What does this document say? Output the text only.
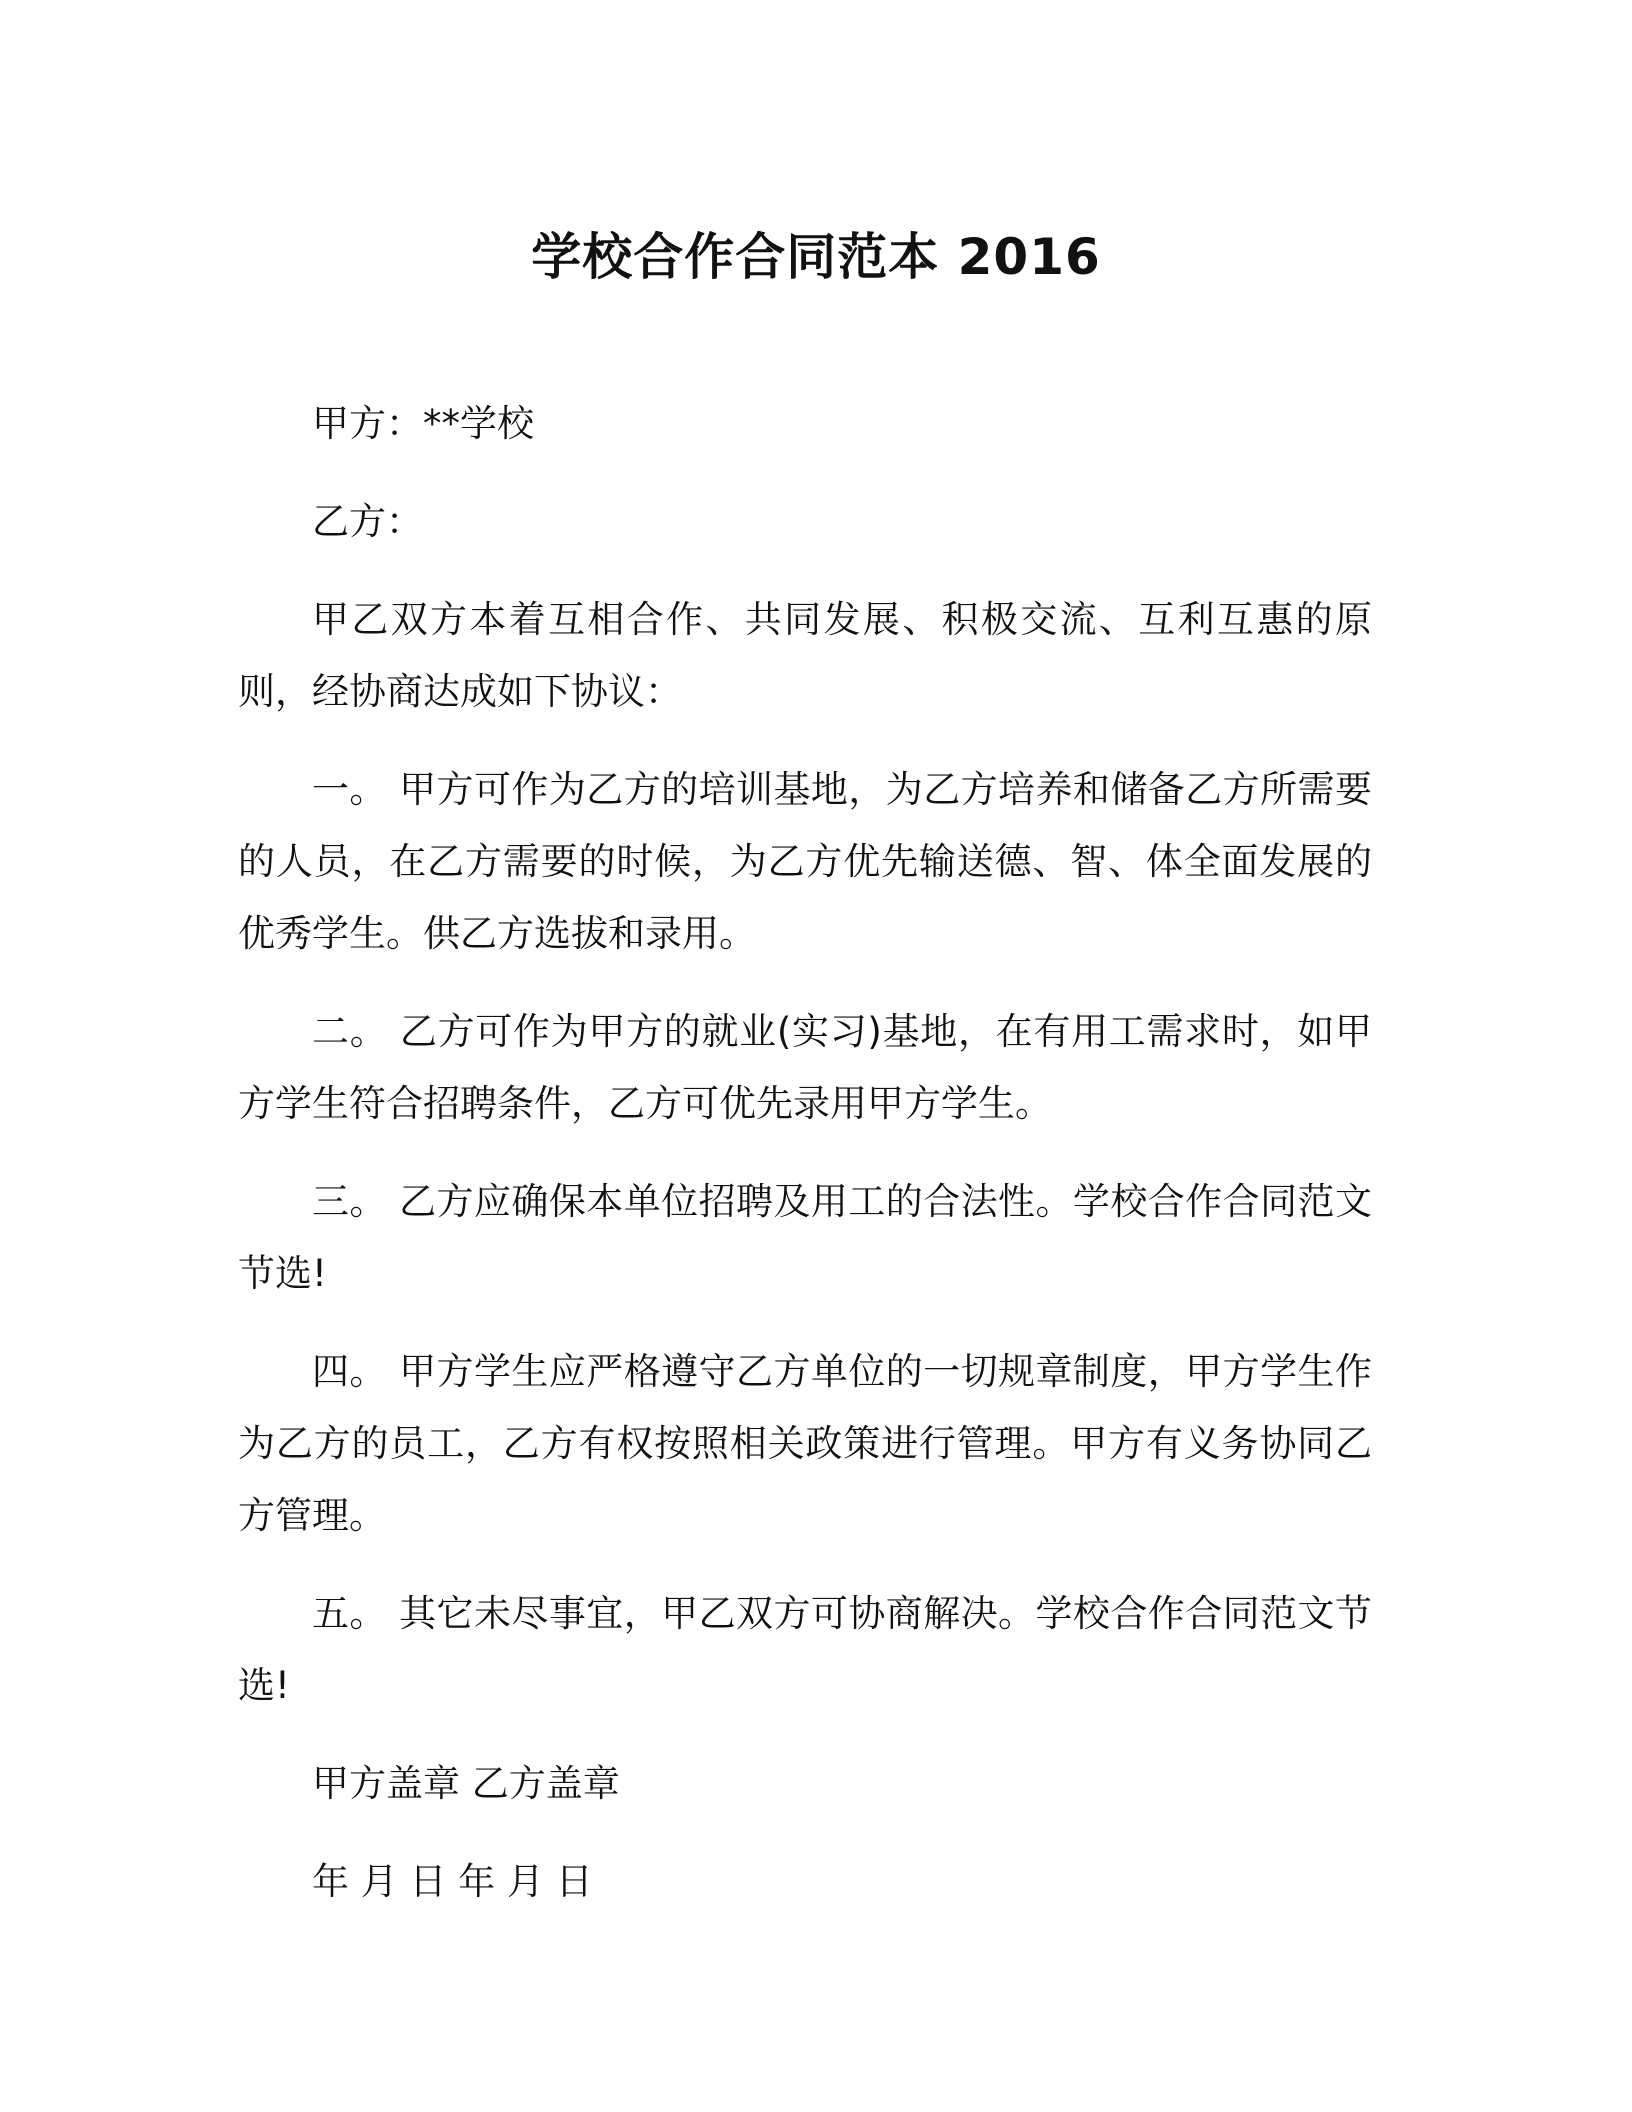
学校合作合同范本 2016

甲方：**学校

乙方：

甲乙双方本着互相合作、共同发展、积极交流、互利互惠的原则，经协商达成如下协议：

一。 甲方可作为乙方的培训基地，为乙方培养和储备乙方所需要的人员，在乙方需要的时候，为乙方优先输送德、智、体全面发展的优秀学生。供乙方选拔和录用。

二。 乙方可作为甲方的就业(实习)基地，在有用工需求时，如甲方学生符合招聘条件，乙方可优先录用甲方学生。

三。 乙方应确保本单位招聘及用工的合法性。学校合作合同范文节选!

四。 甲方学生应严格遵守乙方单位的一切规章制度，甲方学生作为乙方的员工，乙方有权按照相关政策进行管理。甲方有义务协同乙方管理。

五。 其它未尽事宜，甲乙双方可协商解决。学校合作合同范文节选!

甲方盖章 乙方盖章

年 月 日 年 月 日
